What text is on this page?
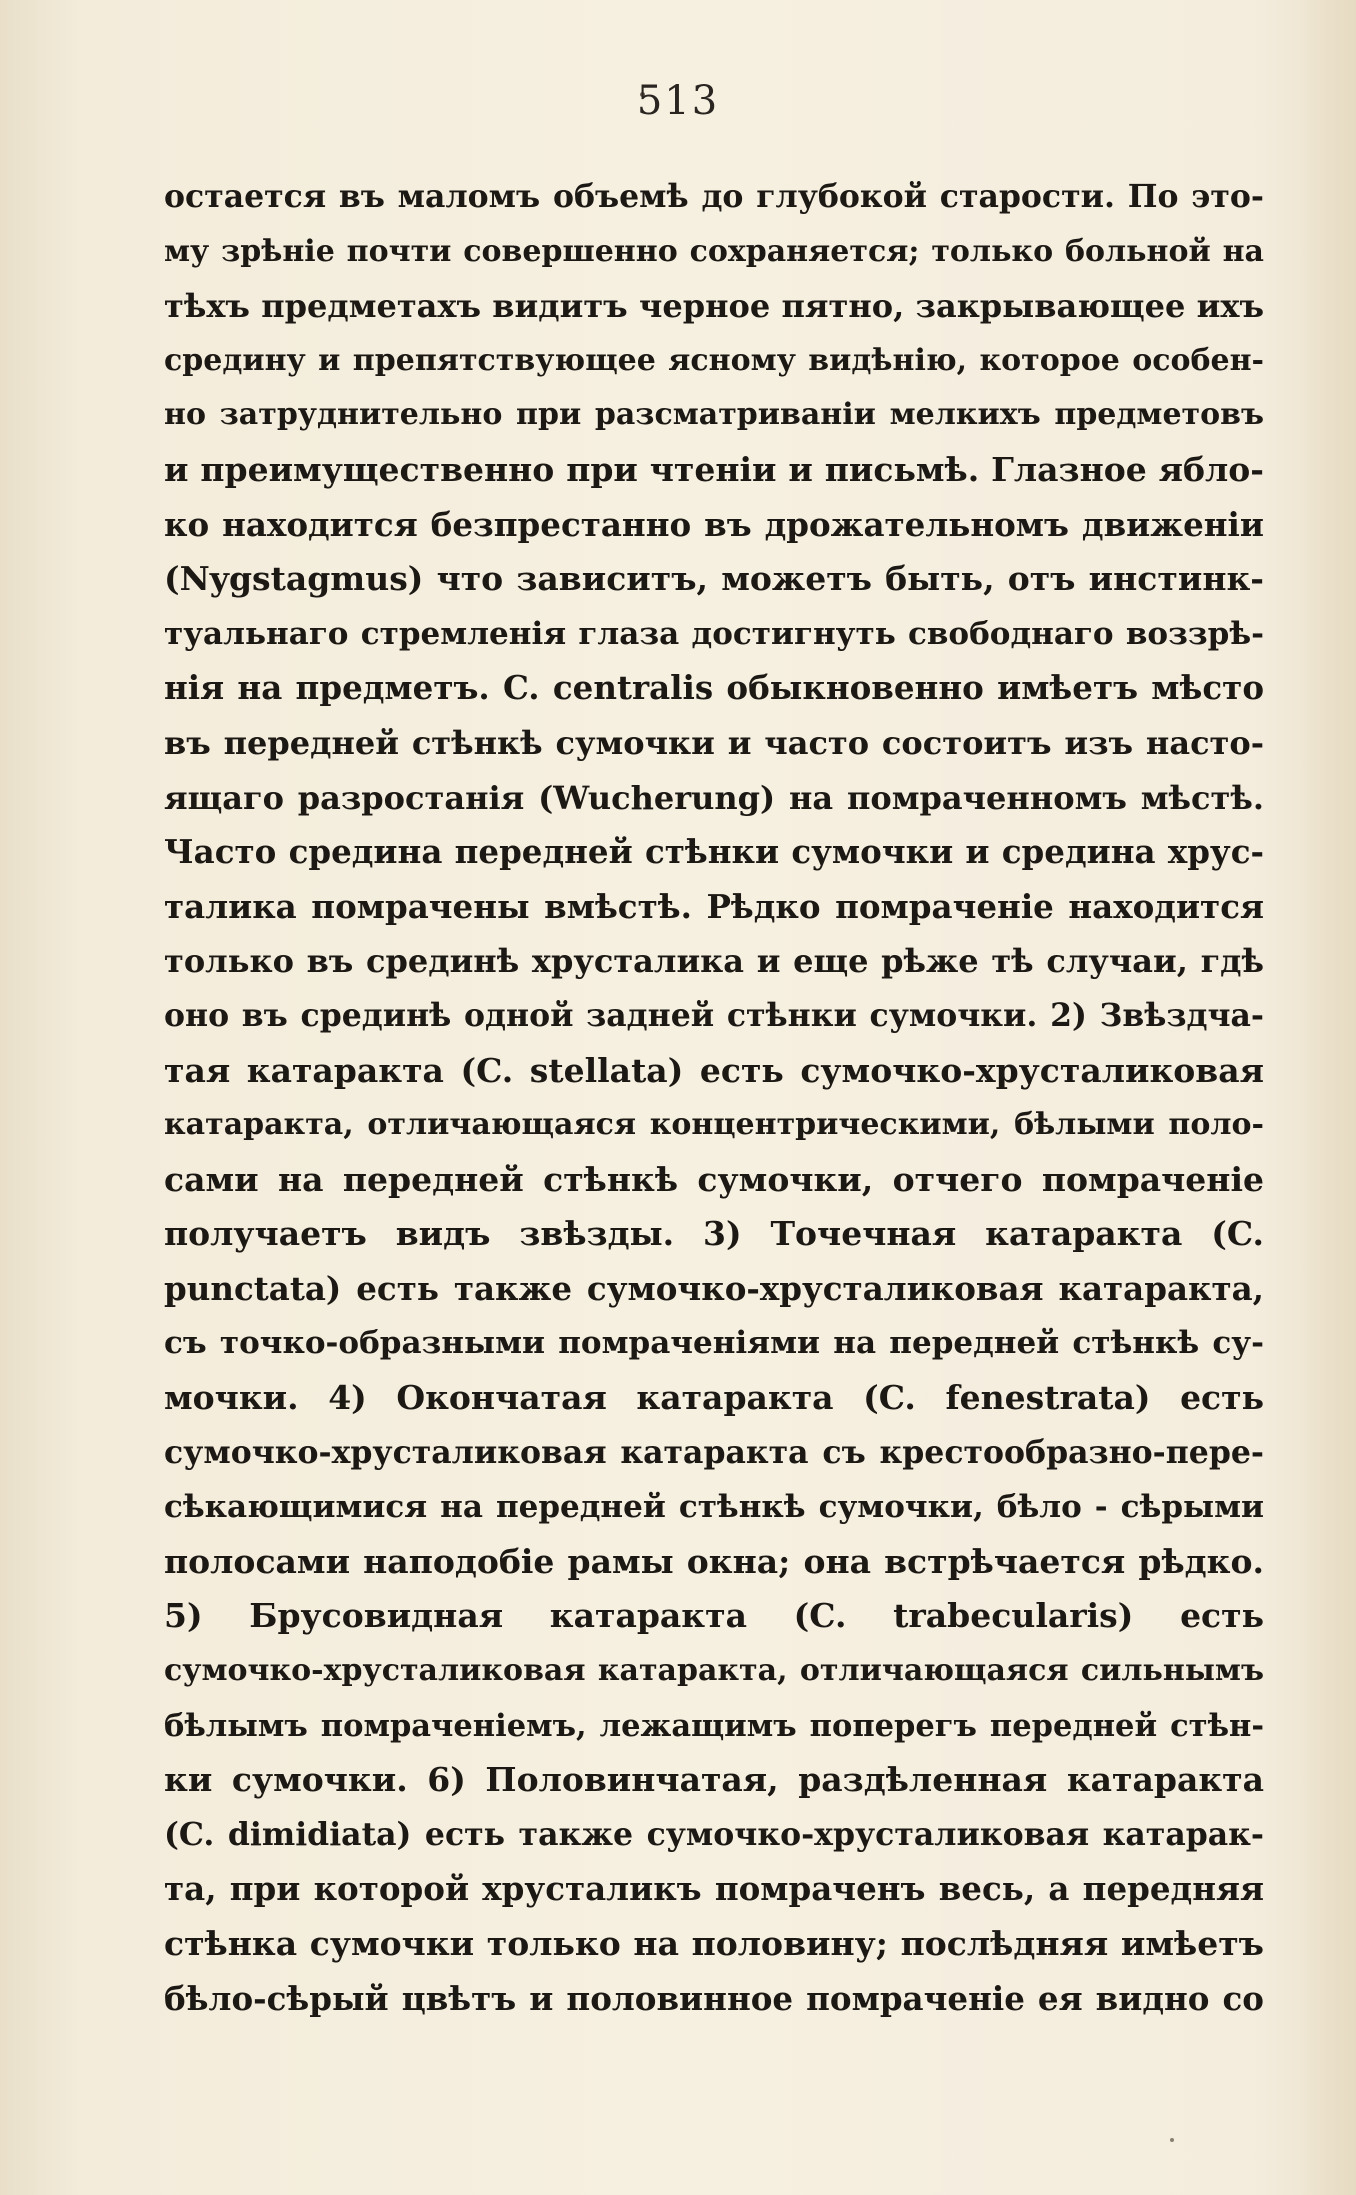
513
остается въ маломъ объемѣ до глубокой старости. По это-
му зрѣніе почти совершенно сохраняется; только больной на
тѣхъ предметахъ видитъ черное пятно, закрывающее ихъ
средину и препятствующее ясному видѣнію, которое особен-
но затруднительно при разсматриваніи мелкихъ предметовъ
и преимущественно при чтеніи и письмѣ. Глазное ябло-
ко находится безпрестанно въ дрожательномъ движеніи
(Nygstagmus) что зависитъ, можетъ быть, отъ инстинк-
туальнаго стремленія глаза достигнуть свободнаго воззрѣ-
нія на предметъ. C. centralis обыкновенно имѣетъ мѣсто
въ передней стѣнкѣ сумочки и часто состоитъ изъ насто-
ящаго разростанія (Wucherung) на помраченномъ мѣстѣ.
Часто средина передней стѣнки сумочки и средина хрус-
талика помрачены вмѣстѣ. Рѣдко помраченіе находится
только въ срединѣ хрусталика и еще рѣже тѣ случаи, гдѣ
оно въ срединѣ одной задней стѣнки сумочки. 2) Звѣздча-
тая катаракта (C. stellata) есть сумочко-хрусталиковая
катаракта, отличающаяся концентрическими, бѣлыми поло-
сами на передней стѣнкѣ сумочки, отчего помраченіе
получаетъ видъ звѣзды. 3) Точечная катаракта (C.
punctata) есть также сумочко-хрусталиковая катаракта,
съ точко-образными помраченіями на передней стѣнкѣ су-
мочки. 4) Окончатая катаракта (C. fenestrata) есть
сумочко-хрусталиковая катаракта съ крестообразно-пере-
сѣкающимися на передней стѣнкѣ сумочки, бѣло - сѣрыми
полосами наподобіе рамы окна; она встрѣчается рѣдко.
5) Брусовидная катаракта (C. trabecularis) есть
сумочко-хрусталиковая катаракта, отличающаяся сильнымъ
бѣлымъ помраченіемъ, лежащимъ поперегъ передней стѣн-
ки сумочки. 6) Половинчатая, раздѣленная катаракта
(C. dimidiata) есть также сумочко-хрусталиковая катарак-
та, при которой хрусталикъ помраченъ весь, а передняя
стѣнка сумочки только на половину; послѣдняя имѣетъ
бѣло-сѣрый цвѣтъ и половинное помраченіе ея видно со
